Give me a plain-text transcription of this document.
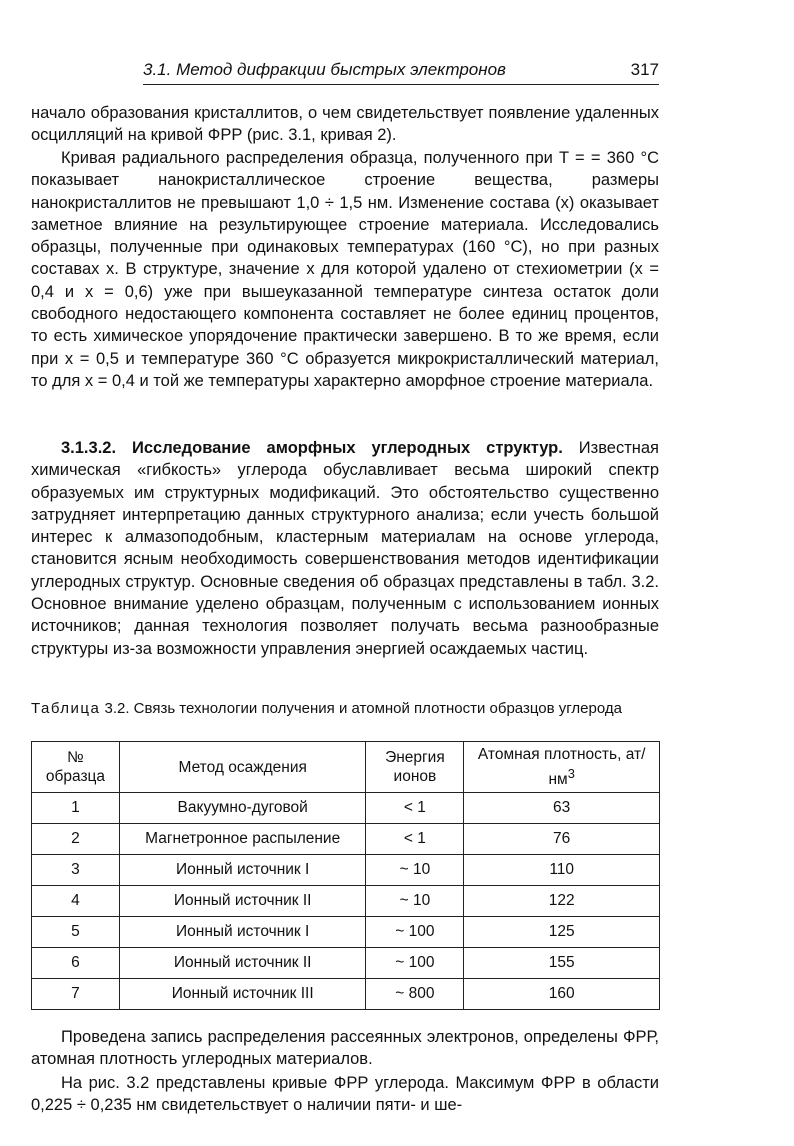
3.1. Метод дифракции быстрых электронов	317
начало образования кристаллитов, о чем свидетельствует появление удаленных осцилляций на кривой ФРР (рис. 3.1, кривая 2).
Кривая радиального распределения образца, полученного при T = = 360 °C показывает нанокристаллическое строение вещества, размеры нанокристаллитов не превышают 1,0 ÷ 1,5 нм. Изменение состава (x) оказывает заметное влияние на результирующее строение материала. Исследовались образцы, полученные при одинаковых температурах (160 °C), но при разных составах x. В структуре, значение x для которой удалено от стехиометрии (x = 0,4 и x = 0,6) уже при вышеуказанной температуре синтеза остаток доли свободного недостающего компонента составляет не более единиц процентов, то есть химическое упорядочение практически завершено. В то же время, если при x = 0,5 и температуре 360 °C образуется микрокристаллический материал, то для x = 0,4 и той же температуры характерно аморфное строение материала.
3.1.3.2. Исследование аморфных углеродных структур. Известная химическая «гибкость» углерода обуславливает весьма широкий спектр образуемых им структурных модификаций. Это обстоятельство существенно затрудняет интерпретацию данных структурного анализа; если учесть большой интерес к алмазоподобным, кластерным материалам на основе углерода, становится ясным необходимость совершенствования методов идентификации углеродных структур. Основные сведения об образцах представлены в табл. 3.2. Основное внимание уделено образцам, полученным с использованием ионных источников; данная технология позволяет получать весьма разнообразные структуры из-за возможности управления энергией осаждаемых частиц.
Таблица 3.2. Связь технологии получения и атомной плотности образцов углерода
№ образца	Метод осаждения	Энергия ионов	Атомная плотность, $ат/нм^3$
1	Вакуумно-дуговой	< 1	63
2	Магнетронное распыление	< 1	76
3	Ионный источник I	~ 10	110
4	Ионный источник II	~ 10	122
5	Ионный источник I	~ 100	125
6	Ионный источник II	~ 100	155
7	Ионный источник III	~ 800	160
Проведена запись распределения рассеянных электронов, определены ФРР, атомная плотность углеродных материалов.
На рис. 3.2 представлены кривые ФРР углерода. Максимум ФРР в области 0,225 ÷ 0,235 нм свидетельствует о наличии пяти- и ше-
